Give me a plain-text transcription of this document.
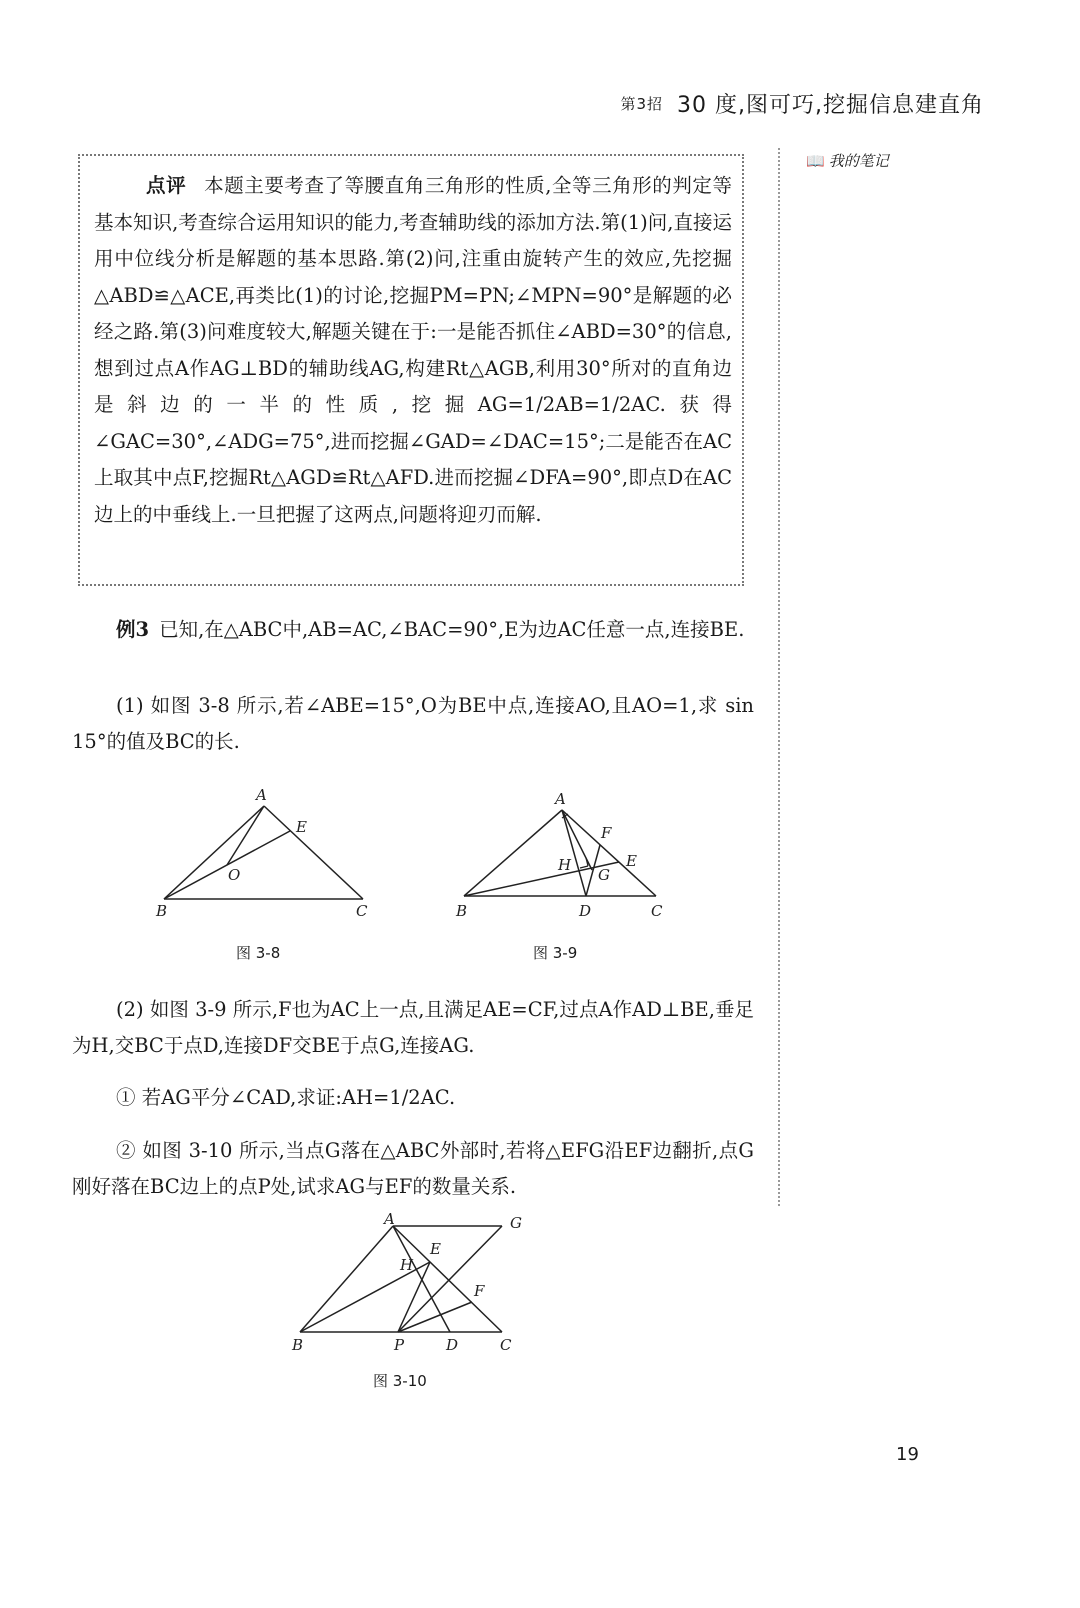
第3招 30 度,图可巧,挖掘信息建直角
📖 我的笔记

点评 本题主要考查了等腰直角三角形的性质,全等三角形的判定等基本知识,考查综合运用知识的能力,考查辅助线的添加方法.第(1)问,直接运用中位线分析是解题的基本思路.第(2)问,注重由旋转产生的效应,先挖掘△ABD≌△ACE,再类比(1)的讨论,挖掘PM=PN;∠MPN=90°是解题的必经之路.第(3)问难度较大,解题关键在于:一是能否抓住∠ABD=30°的信息,想到过点A作AG⊥BD的辅助线AG,构建Rt△AGB,利用30°所对的直角边是斜边的一半的性质,挖掘AG=1/2AB=1/2AC.获得∠GAC=30°,∠ADG=75°,进而挖掘∠GAD=∠DAC=15°;二是能否在AC上取其中点F,挖掘Rt△AGD≌Rt△AFD.进而挖掘∠DFA=90°,即点D在AC边上的中垂线上.一旦把握了这两点,问题将迎刃而解.

例3 已知,在△ABC中,AB=AC,∠BAC=90°,E为边AC任意一点,连接BE.

(1) 如图 3-8 所示,若∠ABE=15°,O为BE中点,连接AO,且AO=1,求 sin 15°的值及BC的长.

A
B	C
E
O
图 3-8
A
B	C
D
E
F
G
H
图 3-9

(2) 如图 3-9 所示,F也为AC上一点,且满足AE=CF,过点A作AD⊥BE,垂足为H,交BC于点D,连接DF交BE于点G,连接AG.

① 若AG平分∠CAD,求证:AH=1/2AC.

② 如图 3-10 所示,当点G落在△ABC外部时,若将△EFG沿EF边翻折,点G刚好落在BC边上的点P处,试求AG与EF的数量关系.

A	G
E
H
F
B	P	D	C
图 3-10
19
